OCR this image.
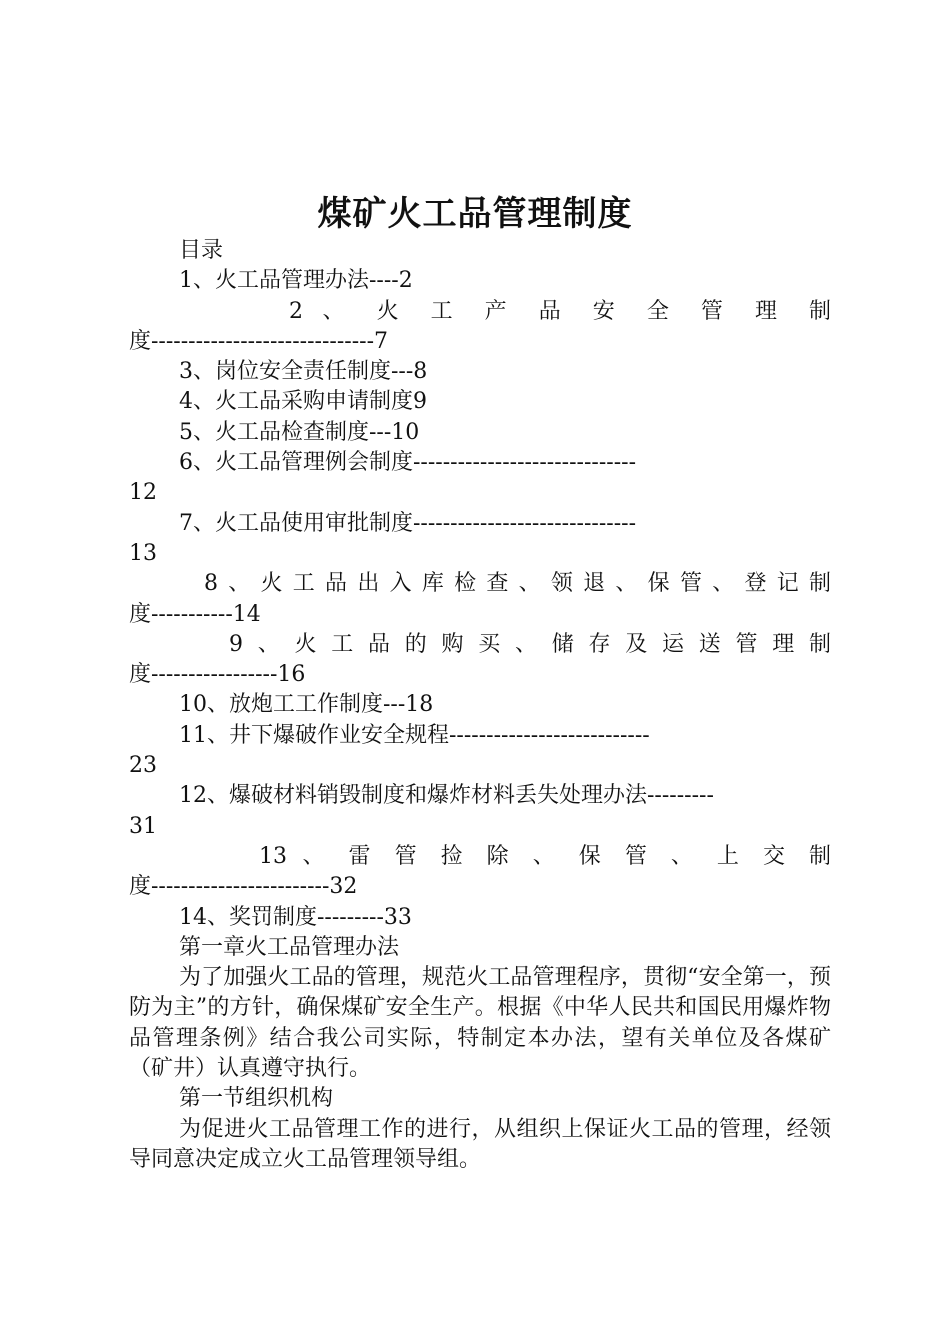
煤矿火工品管理制度
目录
1、火工品管理办法----2
2 、 火 工 产 品 安 全 管 理 制
度------------------------------7
3、岗位安全责任制度---8
4、火工品采购申请制度9
5、火工品检查制度---10
6、火工品管理例会制度------------------------------
12
7、火工品使用审批制度------------------------------
13
8、火工品出入库检查、领退、保管、登记制
度-----------14
9、火工品的购买、储存及运送管理制
度-----------------16
10、放炮工工作制度---18
11、井下爆破作业安全规程---------------------------
23
12、爆破材料销毁制度和爆炸材料丢失处理办法---------
31
13 、 雷 管 捡 除 、 保 管 、 上 交 制
度------------------------32
14、奖罚制度---------33
第一章火工品管理办法
为了加强火工品的管理，规范火工品管理程序，贯彻“安全第一，预防为主”的方针，确保煤矿安全生产。根据《中华人民共和国民用爆炸物品管理条例》结合我公司实际，特制定本办法，望有关单位及各煤矿（矿井）认真遵守执行。
第一节组织机构
为促进火工品管理工作的进行，从组织上保证火工品的管理，经领导同意决定成立火工品管理领导组。
